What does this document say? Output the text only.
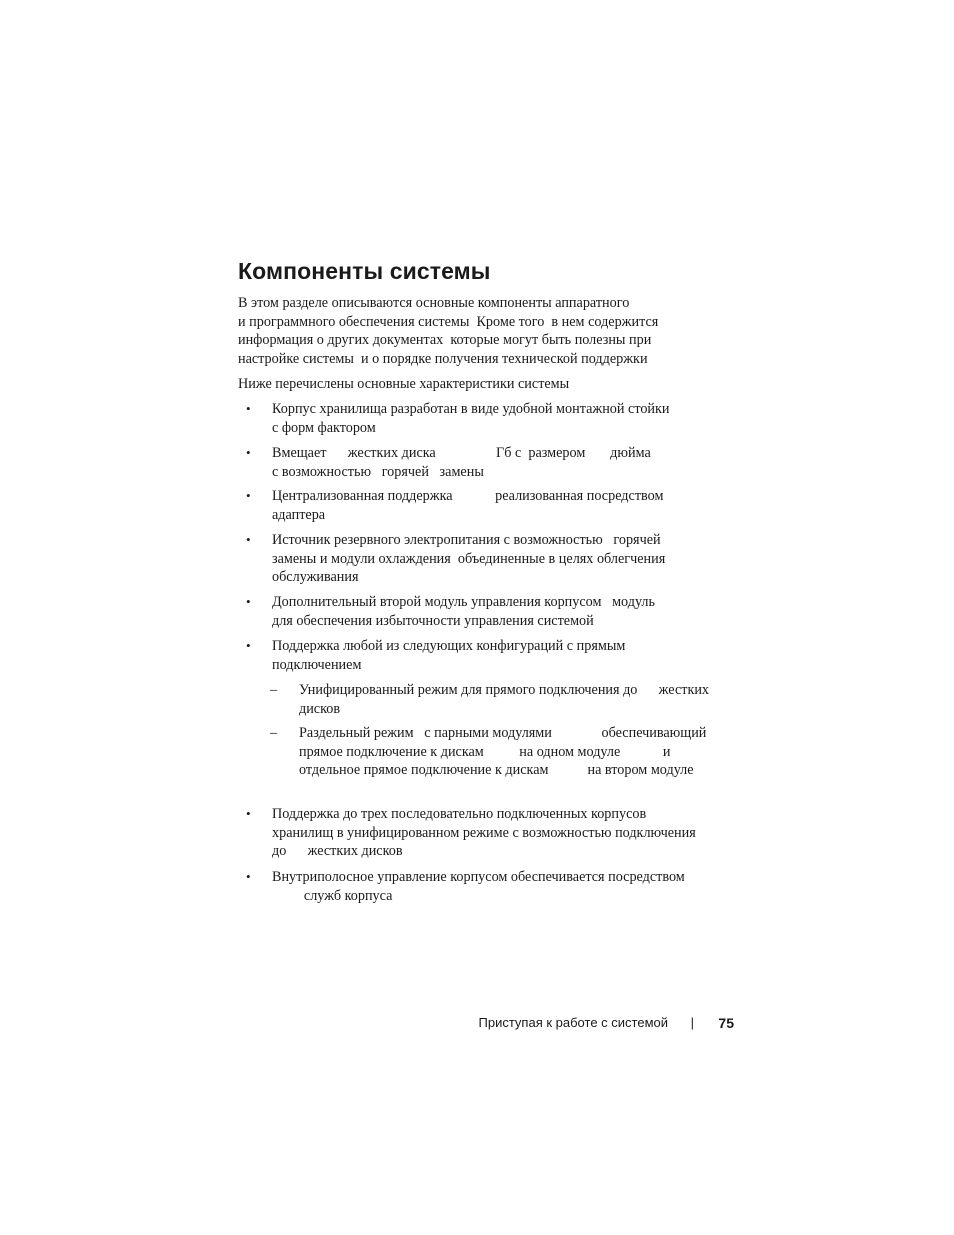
Компоненты системы
В этом разделе описываются основные компоненты аппаратного
и программного обеспечения системы  Кроме того  в нем содержится
информация о других документах  которые могут быть полезны при
настройке системы  и о порядке получения технической поддержки
Ниже перечислены основные характеристики системы
• Корпус хранилища разработан в виде удобной монтажной стойки
с форм фактором
• Вмещает      жестких диска                 Гб с  размером       дюйма
с возможностью   горячей   замены
• Централизованная поддержка            реализованная посредством
адаптера
• Источник резервного электропитания с возможностью   горячей
замены и модули охлаждения  объединенные в целях облегчения
обслуживания
• Дополнительный второй модуль управления корпусом   модуль
для обеспечения избыточности управления системой
• Поддержка любой из следующих конфигураций с прямым
подключением
– Унифицированный режим для прямого подключения до      жестких
дисков
– Раздельный режим   с парными модулями              обеспечивающий
прямое подключение к дискам          на одном модуле            и
отдельное прямое подключение к дискам           на втором модуле
• Поддержка до трех последовательно подключенных корпусов
хранилищ в унифицированном режиме с возможностью подключения
до      жестких дисков
• Внутриполосное управление корпусом обеспечивается посредством
служб корпуса
Приступая к работе с системой | 75
